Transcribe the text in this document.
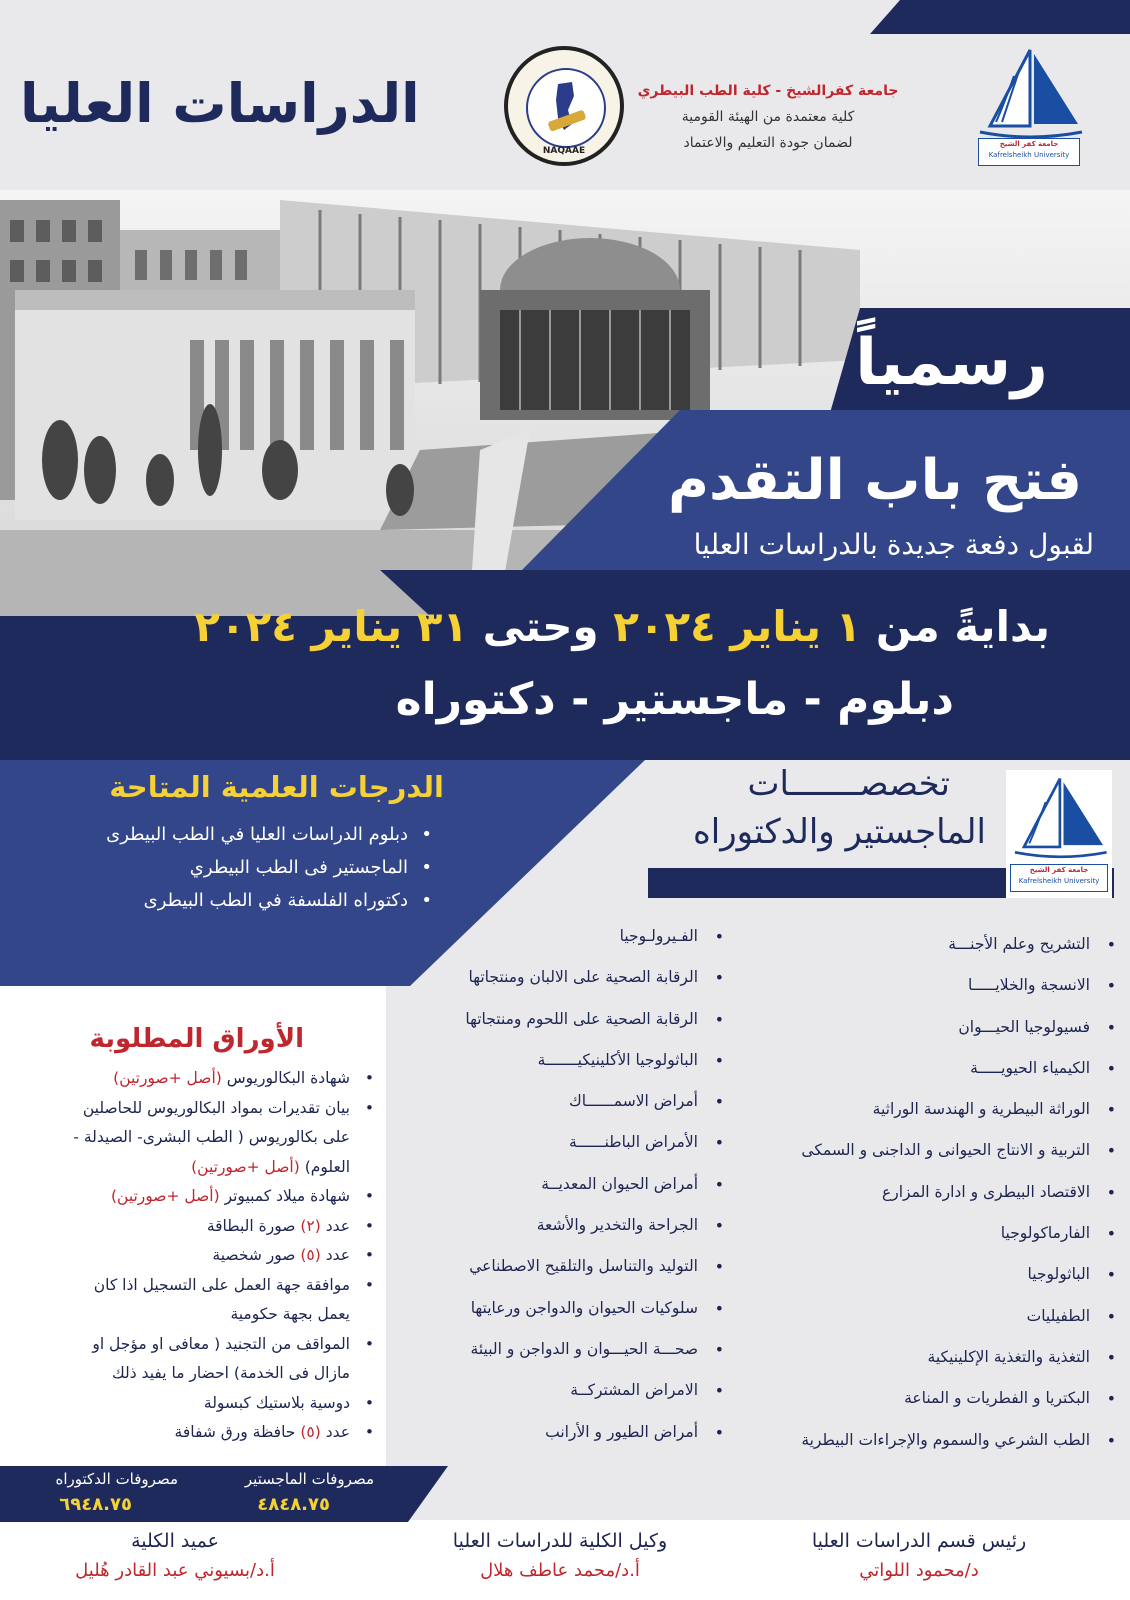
الدراسات العليا
NAQAAE
جامعة كفرالشيخ - كلية الطب البيطري
كلية معتمدة من الهيئة القومية
لضمان جودة التعليم والاعتماد	جامعة كفر الشيخ
Kafrelsheikh University
رسمياً
فتح باب التقدم
لقبول دفعة جديدة بالدراسات العليا
بدايةً من ١ يناير ٢٠٢٤ وحتى ٣١ يناير ٢٠٢٤
دبلوم - ماجستير - دكتوراه
الدرجات العلمية المتاحة
• دبلوم الدراسات العليا في الطب البيطرى
• الماجستير فى الطب البيطري
• دكتوراه الفلسفة في الطب البيطرى
تخصصـــــــات
الماجستير والدكتوراه
جامعة كفر الشيخ
Kafrelsheikh University
• التشريح وعلم الأجنـــة
• الانسجة والخلايـــــا
• فسيولوجيا الحيـــوان
• الكيمياء الحيويـــــة
• الوراثة البيطرية و الهندسة الوراثية
• التربية و الانتاج الحيوانى و الداجنى و السمكى
• الاقتصاد البيطرى و ادارة المزارع
• الفارماكولوجيا
• الباثولوجيا
• الطفيليات
• التغذية والتغذية الإكلينيكية
• البكتريا و الفطريات و المناعة
• الطب الشرعي والسموم والإجراءات البيطرية
• الفـيرولـوجيا
• الرقابة الصحية على الالبان ومنتجاتها
• الرقابة الصحية على اللحوم ومنتجاتها
• الباثولوجيا الأكلينيكيـــــــة
• أمراض الاسمــــــاك
• الأمراض الباطنــــــة
• أمراض الحيوان المعديــة
• الجراحة والتخدير والأشعة
• التوليد والتناسل والتلقيح الاصطناعي
• سلوكيات الحيوان والدواجن ورعايتها
• صحـــة الحيـــوان و الدواجن و البيئة
• الامراض المشتركــة
• أمراض الطيور و الأرانب
الأوراق المطلوبة
• شهادة البكالوريوس (أصل +صورتين)
• بيان تقديرات بمواد البكالوريوس للحاصلين
على بكالوريوس ( الطب البشرى- الصيدلة -
العلوم) (أصل +صورتين)
• شهادة ميلاد كمبيوتر (أصل +صورتين)
• عدد (٢) صورة البطاقة
• عدد (٥) صور شخصية
• موافقة جهة العمل على التسجيل اذا كان
يعمل بجهة حكومية
• المواقف من التجنيد ( معافى او مؤجل او
مازال فى الخدمة) احضار ما يفيد ذلك
• دوسية بلاستيك كبسولة
• عدد (٥) حافظة ورق شفافة
مصروفات الماجستير
٤٨٤٨.٧٥
مصروفات الدكتوراه
٦٩٤٨.٧٥
رئيس قسم الدراسات العليا
د/محمود اللواتي
وكيل الكلية للدراسات العليا
أ.د/محمد عاطف هلال
عميد الكلية
أ.د/بسيوني عبد القادر هُليل
